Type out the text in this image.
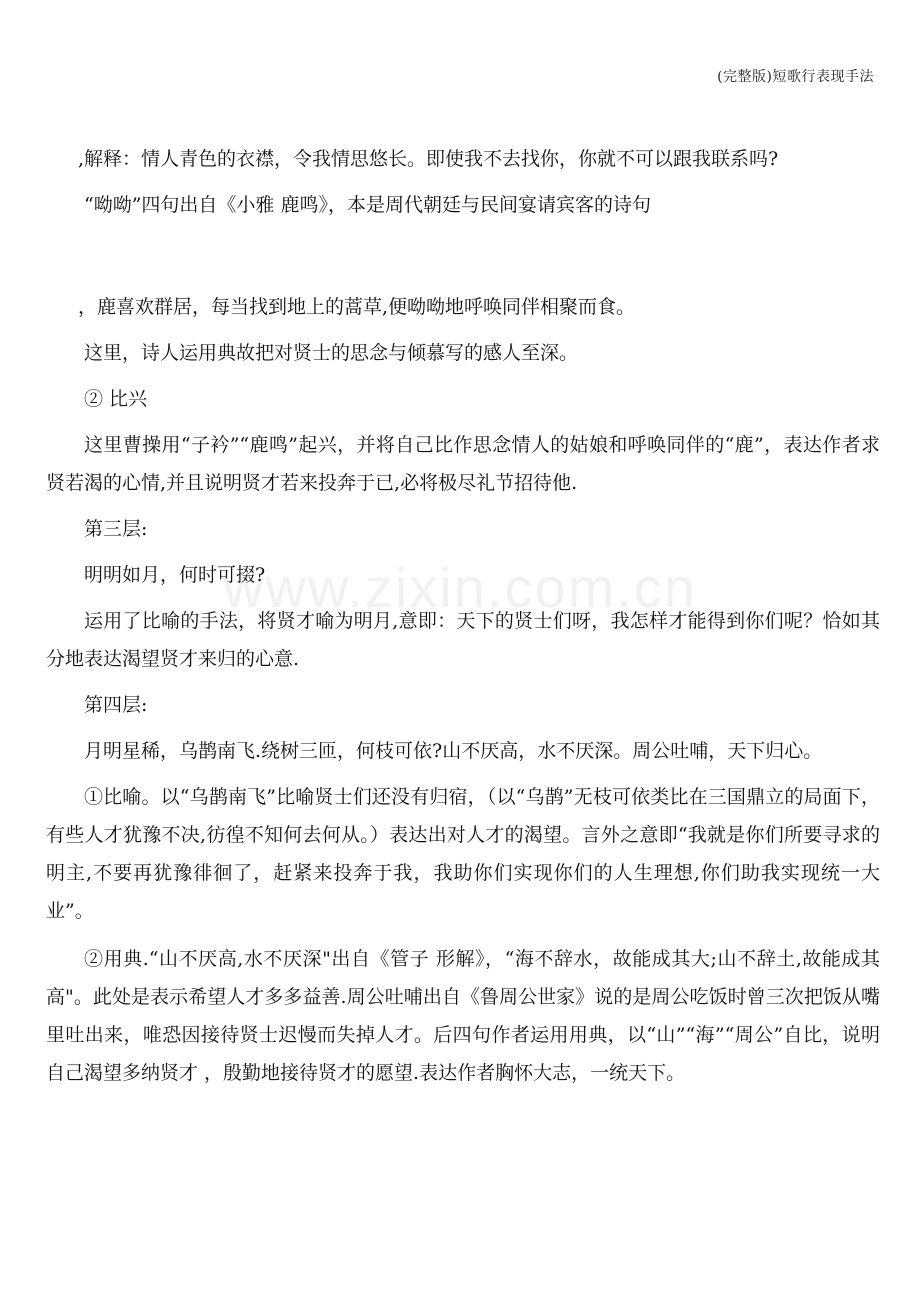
(完整版)短歌行表现手法
www.zixin.com.cn

,解释：情人青色的衣襟，令我情思悠长。即使我不去找你，你就不可以跟我联系吗?

“呦呦”四句出自《小雅 鹿鸣》，本是周代朝廷与民间宴请宾客的诗句

，鹿喜欢群居，每当找到地上的蒿草,便呦呦地呼唤同伴相聚而食。

这里，诗人运用典故把对贤士的思念与倾慕写的感人至深。

② 比兴

这里曹操用“子衿”“鹿鸣”起兴，并将自己比作思念情人的姑娘和呼唤同伴的“鹿”，表达作者求贤若渴的心情,并且说明贤才若来投奔于已,必将极尽礼节招待他.

第三层:

明明如月，何时可掇?

运用了比喻的手法，将贤才喻为明月,意即：天下的贤士们呀，我怎样才能得到你们呢？恰如其分地表达渴望贤才来归的心意.

第四层:

月明星稀，乌鹊南飞.绕树三匝，何枝可依?山不厌高，水不厌深。周公吐哺，天下归心。

①比喻。以“乌鹊南飞”比喻贤士们还没有归宿，（以“乌鹊”无枝可依类比在三国鼎立的局面下，有些人才犹豫不决,彷徨不知何去何从。）表达出对人才的渴望。言外之意即“我就是你们所要寻求的明主,不要再犹豫徘徊了，赶紧来投奔于我，我助你们实现你们的人生理想,你们助我实现统一大业”。

②用典.“山不厌高,水不厌深"出自《管子 形解》，“海不辞水，故能成其大;山不辞土,故能成其高"。此处是表示希望人才多多益善.周公吐哺出自《鲁周公世家》说的是周公吃饭时曾三次把饭从嘴里吐出来，唯恐因接待贤士迟慢而失掉人才。后四句作者运用用典，以“山”“海”“周公”自比，说明自己渴望多纳贤才 ，殷勤地接待贤才的愿望.表达作者胸怀大志，一统天下。
